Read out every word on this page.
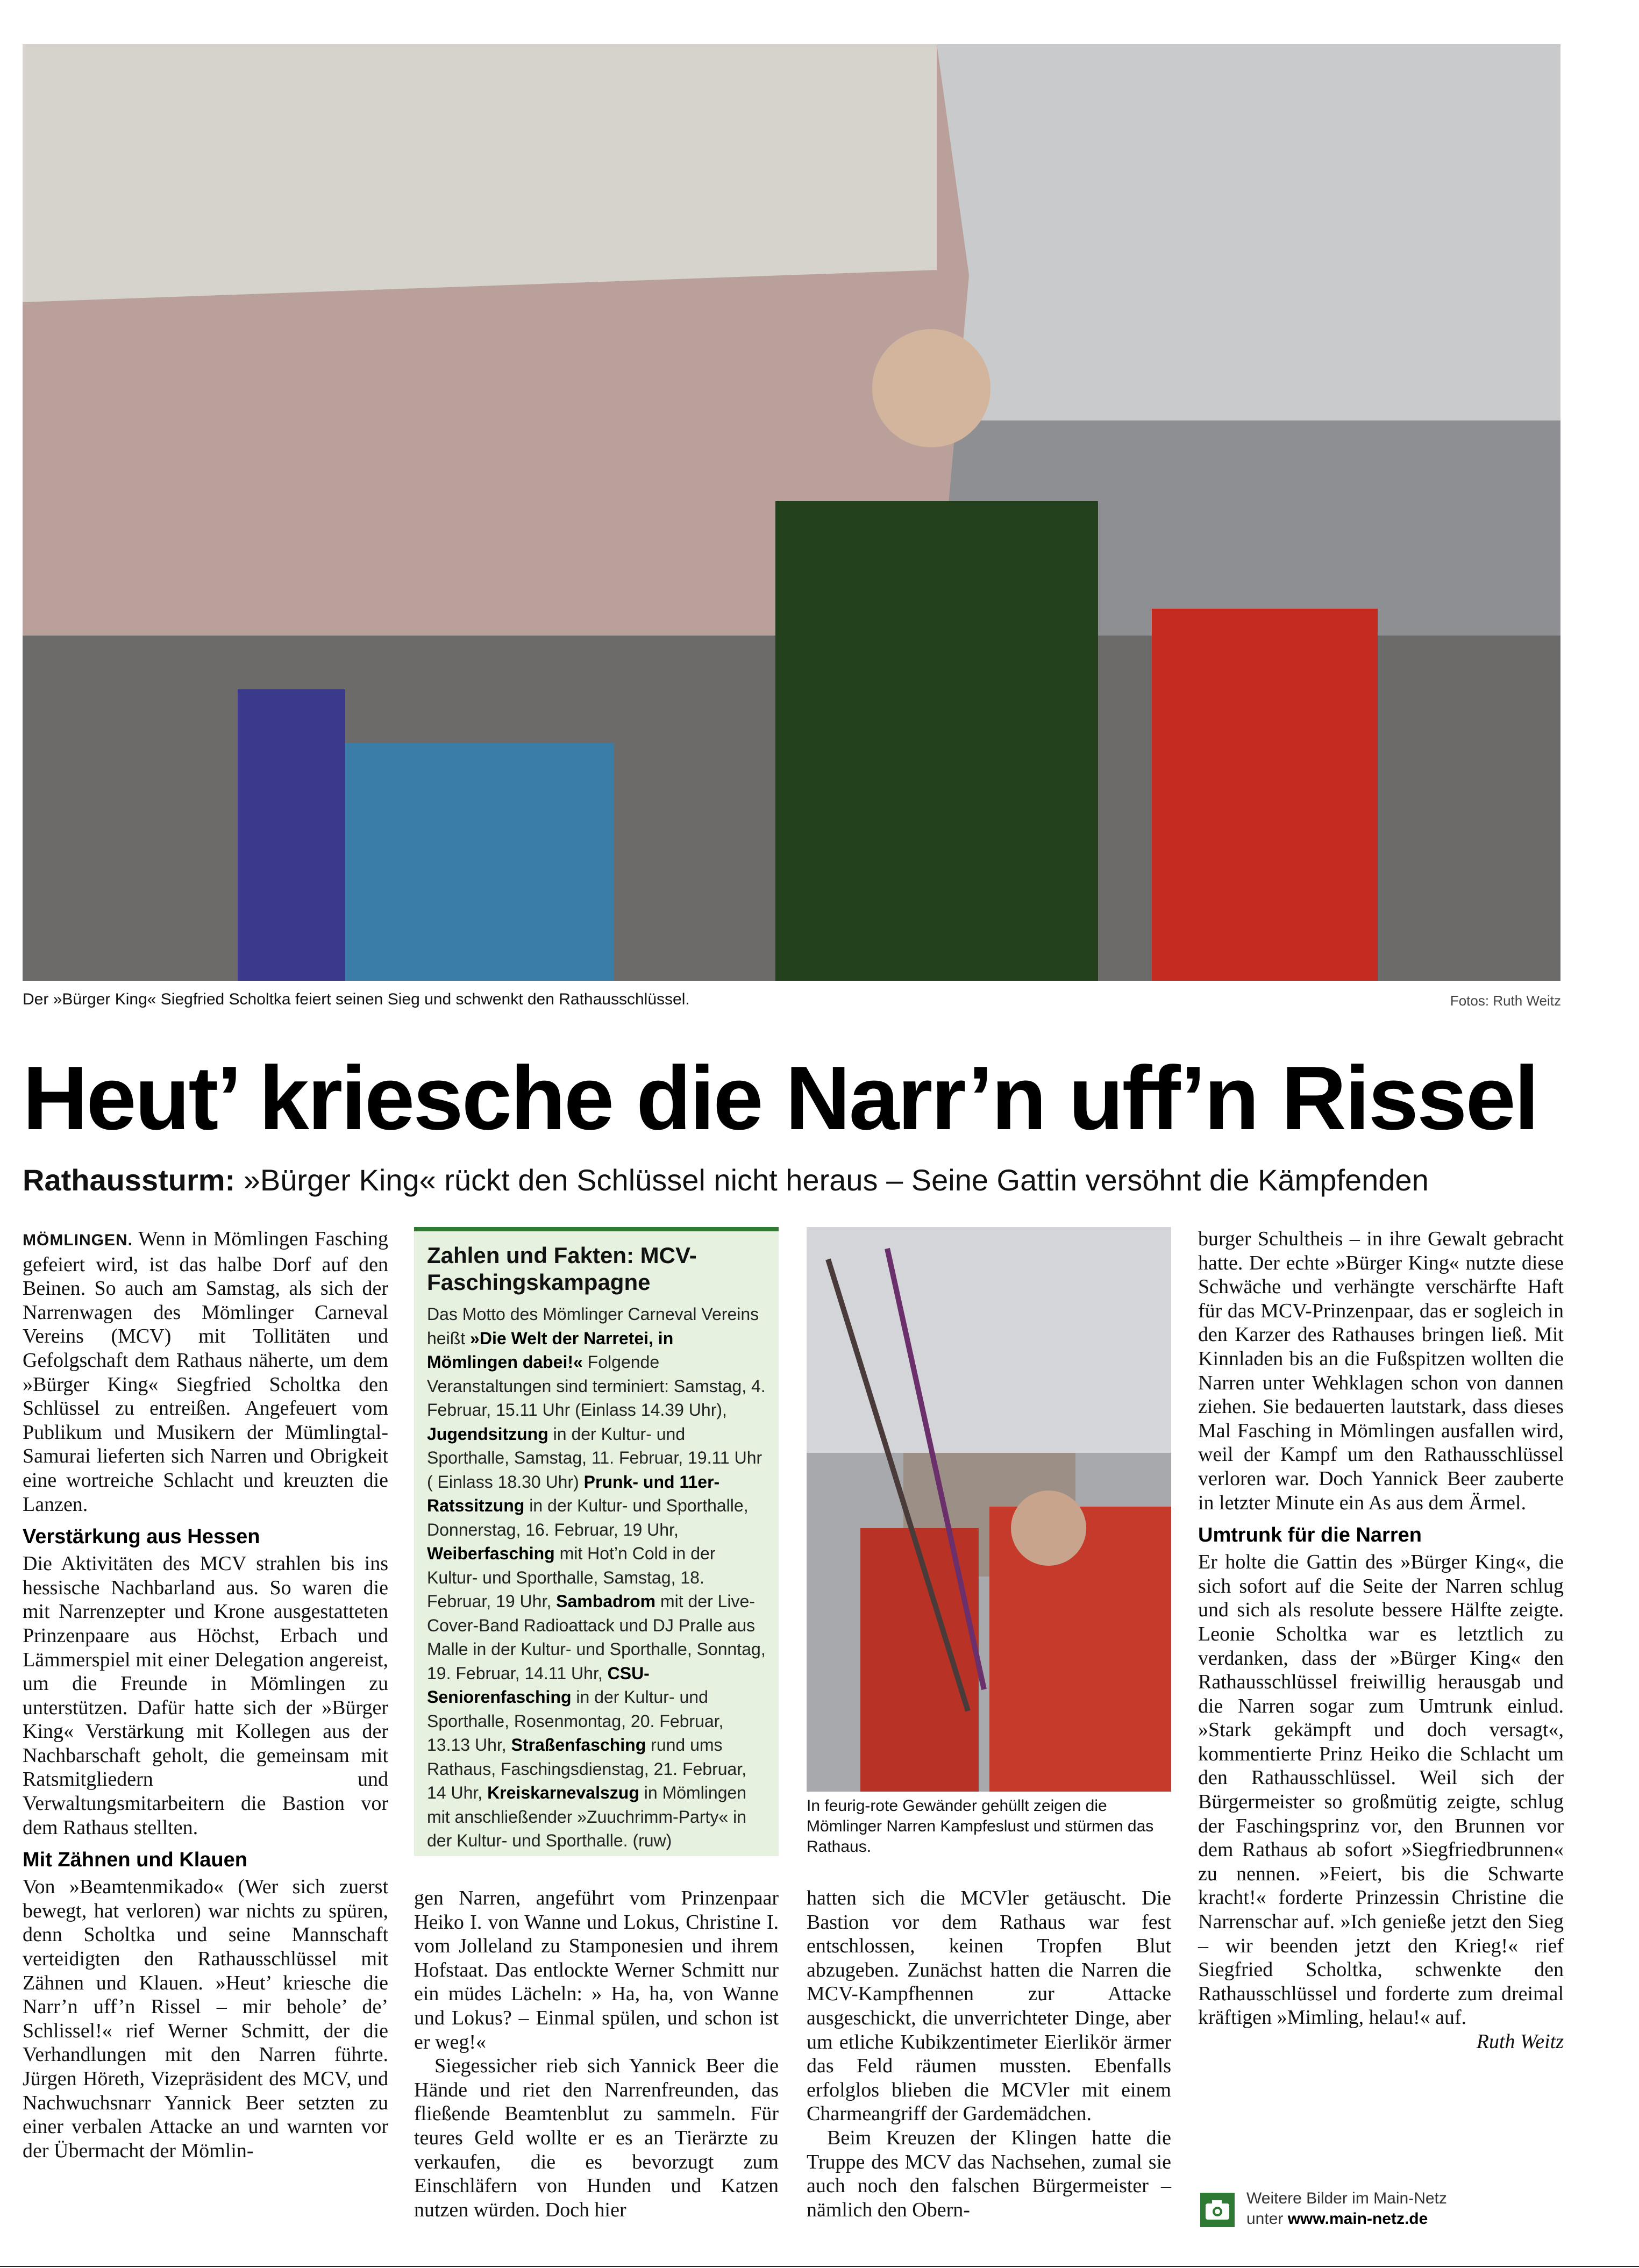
Der »Bürger King« Siegfried Scholtka feiert seinen Sieg und schwenkt den Rathausschlüssel.	Fotos: Ruth Weitz
Heut’ kriesche die Narr’n uff’n Rissel
Rathaussturm: »Bürger King« rückt den Schlüssel nicht heraus – Seine Gattin versöhnt die Kämpfenden

MÖMLINGEN. Wenn in Mömlingen Fasching gefeiert wird, ist das halbe Dorf auf den Beinen. So auch am Samstag, als sich der Narrenwagen des Mömlinger Carneval Vereins (MCV) mit Tollitäten und Gefolgschaft dem Rathaus näherte, um dem »Bürger King« Siegfried Scholtka den Schlüssel zu entreißen. Angefeuert vom Publikum und Musikern der Mümlingtal-Samurai lieferten sich Narren und Obrigkeit eine wortreiche Schlacht und kreuzten die Lanzen.

Verstärkung aus Hessen

Die Aktivitäten des MCV strahlen bis ins hessische Nachbarland aus. So waren die mit Narrenzepter und Krone ausgestatteten Prinzenpaare aus Höchst, Erbach und Lämmerspiel mit einer Delegation angereist, um die Freunde in Mömlingen zu unterstützen. Dafür hatte sich der »Bürger King« Verstärkung mit Kollegen aus der Nachbarschaft geholt, die gemeinsam mit Ratsmitgliedern und Verwaltungsmitarbeitern die Bastion vor dem Rathaus stellten.

Mit Zähnen und Klauen

Von »Beamtenmikado« (Wer sich zuerst bewegt, hat verloren) war nichts zu spüren, denn Scholtka und seine Mannschaft verteidigten den Rathausschlüssel mit Zähnen und Klauen. »Heut’ kriesche die Narr’n uff’n Rissel – mir behole’ de’ Schlissel!« rief Werner Schmitt, der die Verhandlungen mit den Narren führte. Jürgen Höreth, Vizepräsident des MCV, und Nachwuchsnarr Yannick Beer setzten zu einer verbalen Attacke an und warnten vor der Übermacht der Mömlin-

Zahlen und Fakten: MCV-Faschingskampagne
Das Motto des Mömlinger Carneval Vereins heißt »Die Welt der Narretei, in Mömlingen dabei!« Folgende Veranstaltungen sind terminiert: Samstag, 4. Februar, 15.11 Uhr (Einlass 14.39 Uhr), Jugendsitzung in der Kultur- und Sporthalle, Samstag, 11. Februar, 19.11 Uhr ( Einlass 18.30 Uhr) Prunk- und 11er-Ratssitzung in der Kultur- und Sporthalle, Donnerstag, 16. Februar, 19 Uhr, Weiberfasching mit Hot’n Cold in der Kultur- und Sporthalle, Samstag, 18. Februar, 19 Uhr, Sambadrom mit der Live-Cover-Band Radioattack und DJ Pralle aus Malle in der Kultur- und Sporthalle, Sonntag, 19. Februar, 14.11 Uhr, CSU-Seniorenfasching in der Kultur- und Sporthalle, Rosenmontag, 20. Februar, 13.13 Uhr, Straßenfasching rund ums Rathaus, Faschingsdienstag, 21. Februar, 14 Uhr, Kreiskarnevalszug in Mömlingen mit anschließender »Zuuchrimm-Party« in der Kultur- und Sporthalle. (ruw)

gen Narren, angeführt vom Prinzenpaar Heiko I. von Wanne und Lokus, Christine I. vom Jolleland zu Stamponesien und ihrem Hofstaat. Das entlockte Werner Schmitt nur ein müdes Lächeln: » Ha, ha, von Wanne und Lokus? – Einmal spülen, und schon ist er weg!«

Siegessicher rieb sich Yannick Beer die Hände und riet den Narrenfreunden, das fließende Beamtenblut zu sammeln. Für teures Geld wollte er es an Tierärzte zu verkaufen, die es bevorzugt zum Einschläfern von Hunden und Katzen nutzen würden. Doch hier

In feurig-rote Gewänder gehüllt zeigen die Mömlinger Narren Kampfeslust und stürmen das Rathaus.

hatten sich die MCVler getäuscht. Die Bastion vor dem Rathaus war fest entschlossen, keinen Tropfen Blut abzugeben. Zunächst hatten die Narren die MCV-Kampfhennen zur Attacke ausgeschickt, die unverrichteter Dinge, aber um etliche Kubikzentimeter Eierlikör ärmer das Feld räumen mussten. Ebenfalls erfolglos blieben die MCVler mit einem Charmeangriff der Gardemädchen.

Beim Kreuzen der Klingen hatte die Truppe des MCV das Nachsehen, zumal sie auch noch den falschen Bürgermeister – nämlich den Obern-

burger Schultheis – in ihre Gewalt gebracht hatte. Der echte »Bürger King« nutzte diese Schwäche und verhängte verschärfte Haft für das MCV-Prinzenpaar, das er sogleich in den Karzer des Rathauses bringen ließ. Mit Kinnladen bis an die Fußspitzen wollten die Narren unter Wehklagen schon von dannen ziehen. Sie bedauerten lautstark, dass dieses Mal Fasching in Mömlingen ausfallen wird, weil der Kampf um den Rathausschlüssel verloren war. Doch Yannick Beer zauberte in letzter Minute ein As aus dem Ärmel.

Umtrunk für die Narren

Er holte die Gattin des »Bürger King«, die sich sofort auf die Seite der Narren schlug und sich als resolute bessere Hälfte zeigte. Leonie Scholtka war es letztlich zu verdanken, dass der »Bürger King« den Rathausschlüssel freiwillig herausgab und die Narren sogar zum Umtrunk einlud. »Stark gekämpft und doch versagt«, kommentierte Prinz Heiko die Schlacht um den Rathausschlüssel. Weil sich der Bürgermeister so großmütig zeigte, schlug der Faschingsprinz vor, den Brunnen vor dem Rathaus ab sofort »Siegfriedbrunnen« zu nennen. »Feiert, bis die Schwarte kracht!« forderte Prinzessin Christine die Narrenschar auf. »Ich genieße jetzt den Sieg – wir beenden jetzt den Krieg!« rief Siegfried Scholtka, schwenkte den Rathausschlüssel und forderte zum dreimal kräftigen »Mimling, helau!« auf.

Ruth Weitz

Weitere Bilder im Main-Netz
unter www.main-netz.de
